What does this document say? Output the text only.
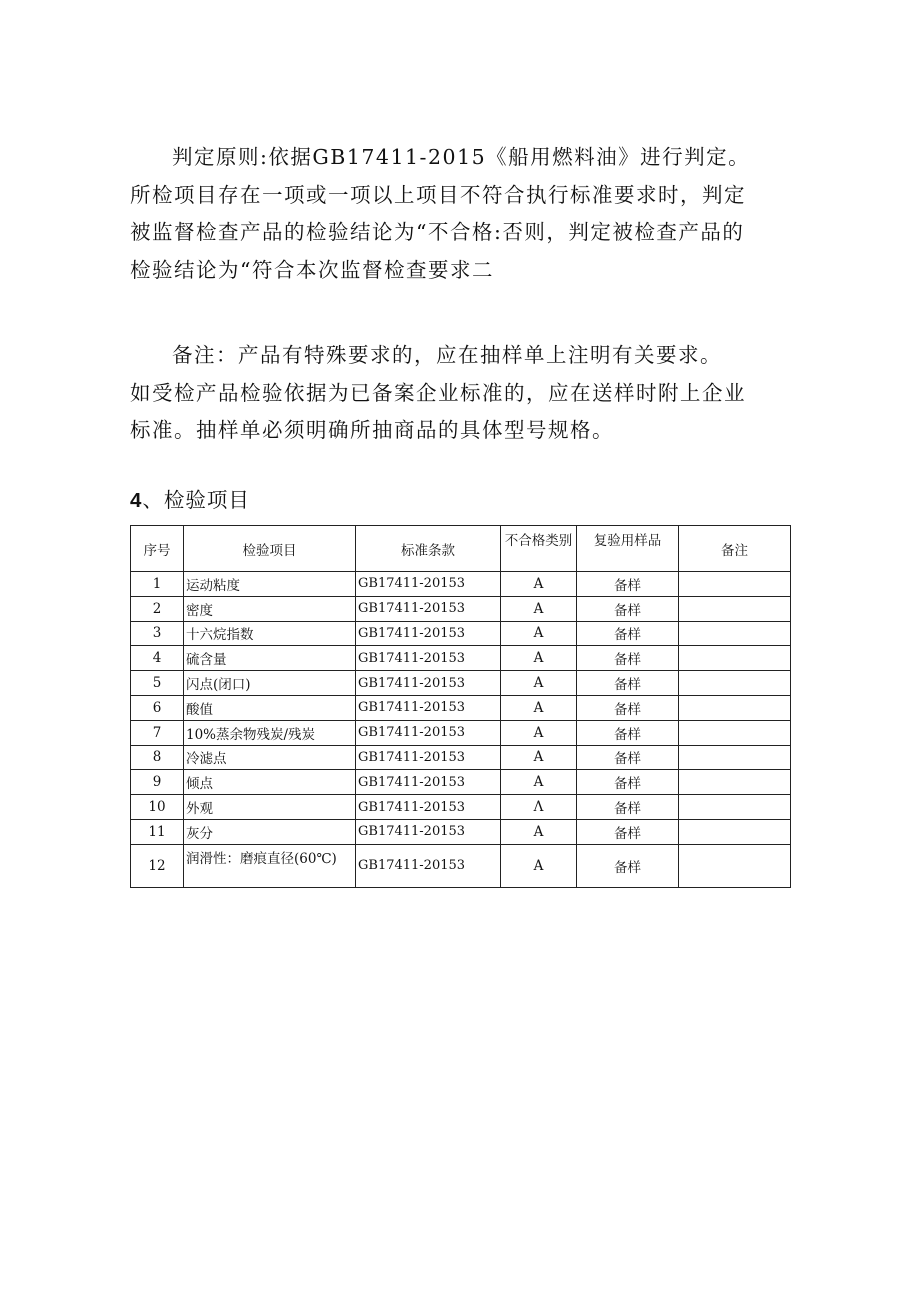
判定原则:依据GB17411-2015《船用燃料油》进行判定。
所检项目存在一项或一项以上项目不符合执行标准要求时，判定
被监督检查产品的检验结论为“不合格:否则，判定被检查产品的
检验结论为“符合本次监督检查要求二

备注：产品有特殊要求的，应在抽样单上注明有关要求。
如受检产品检验依据为已备案企业标准的，应在送样时附上企业
标准。抽样单必须明确所抽商品的具体型号规格。

4、检验项目
序号	检验项目	标准条款	不合格类别	复验用样品	备注
1	运动粘度	GB17411-20153	A	备样	
2	密度	GB17411-20153	A	备样	
3	十六烷指数	GB17411-20153	A	备样	
4	硫含量	GB17411-20153	A	备样	
5	闪点(闭口)	GB17411-20153	A	备样	
6	酸值	GB17411-20153	A	备样	
7	10%蒸余物残炭/残炭	GB17411-20153	A	备样	
8	冷滤点	GB17411-20153	A	备样	
9	倾点	GB17411-20153	A	备样	
10	外观	GB17411-20153	Λ	备样	
11	灰分	GB17411-20153	A	备样	
12	润滑性：磨痕直径(60℃)	GB17411-20153	A	备样	
